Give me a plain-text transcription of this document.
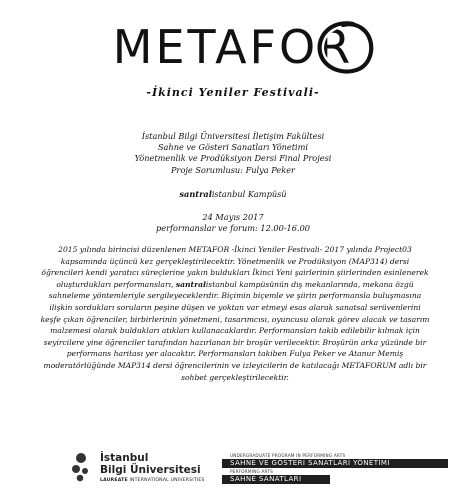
METAFOR
-İkinci Yeniler Festivali-
İstanbul Bilgi Üniversitesi İletişim Fakültesi
Sahne ve Gösteri Sanatları Yönetimi
Yönetmenlik ve Prodüksiyon Dersi Final Projesi
Proje Sorumlusu: Fulya Peker
santralistanbul Kampüsü
24 Mayıs 2017
performanslar ve forum: 12.00-16.00

2015 yılında birincisi düzenlenen METAFOR -İkinci Yeniler Festivali- 2017 yılında Project03 kapsamında üçüncü kez gerçekleştirilecektir. Yönetmenlik ve Prodüksiyon (MAP314) dersi öğrencileri kendi yaratıcı süreçlerine yakın buldukları İkinci Yeni şairlerinin şiirlerinden esinlenerek oluşturdukları performansları, santralistanbul kampüsünün dış mekanlarında, mekana özgü sahneleme yöntemleriyle sergileyeceklerdir. Biçimin biçemle ve şiirin performansla buluşmasına ilişkin sordukları soruların peşine düşen ve yoktan var etmeyi esas alarak sanatsal serüvenlerini keşfe çıkan öğrenciler, birbirlerinin yönetmeni, tasarımcısı, oyuncusu olarak görev alacak ve tasarım malzemesi olarak buldukları atıkları kullanacaklardır. Performansları takib edilebilir kılmak için seyircilere yine öğrenciler tarafından hazırlanan bir broşür verilecektir. Broşürün arka yüzünde bir performans haritası yer alacaktır. Performansları takiben Fulya Peker ve Atanur Memiş moderatörlüğünde MAP314 dersi öğrencilerinin ve izleyicilerin de katılacağı METAFORUM adlı bir sohbet gerçekleştirilecektir.

İstanbul
Bilgi Üniversitesi
LAUREATE INTERNATIONAL UNIVERSITIES
UNDERGRADUATE PROGRAM IN PERFORMING ARTS
SAHNE VE GÖSTERİ SANATLARI YÖNETİMİ
PERFORMING ARTS
SAHNE SANATLARI
